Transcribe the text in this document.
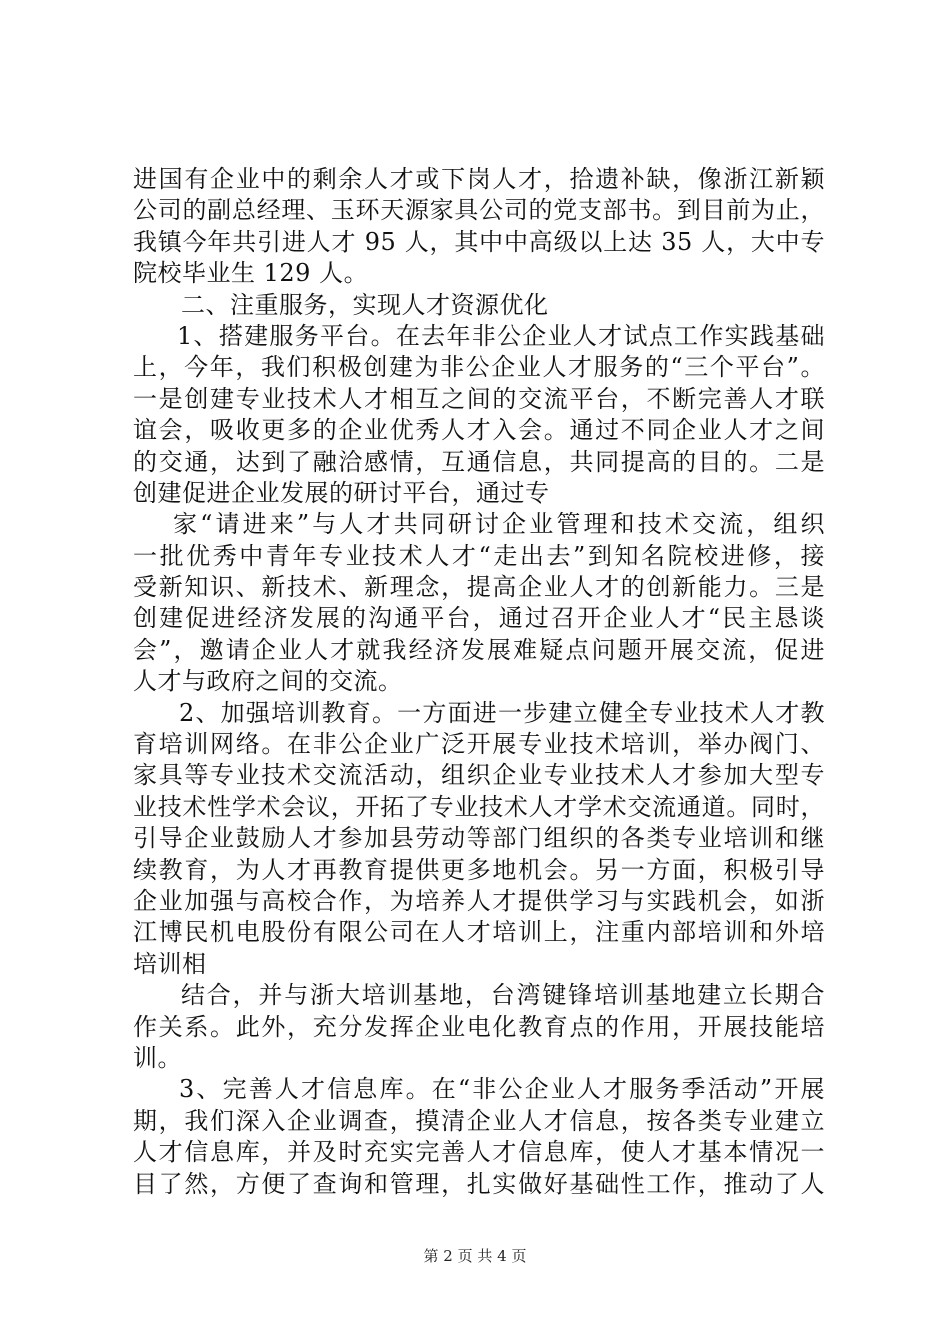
进国有企业中的剩余人才或下岗人才，拾遗补缺，像浙江新颖
公司的副总经理、玉环天源家具公司的党支部书。到目前为止，
我镇今年共引进人才 95 人，其中中高级以上达 35 人，大中专
院校毕业生 129 人。
二、注重服务，实现人才资源优化
1、搭建服务平台。在去年非公企业人才试点工作实践基础
上，今年，我们积极创建为非公企业人才服务的“三个平台”。
一是创建专业技术人才相互之间的交流平台，不断完善人才联
谊会，吸收更多的企业优秀人才入会。通过不同企业人才之间
的交通，达到了融洽感情，互通信息，共同提高的目的。二是
创建促进企业发展的研讨平台，通过专
家“请进来”与人才共同研讨企业管理和技术交流，组织
一批优秀中青年专业技术人才“走出去”到知名院校进修，接
受新知识、新技术、新理念，提高企业人才的创新能力。三是
创建促进经济发展的沟通平台，通过召开企业人才“民主恳谈
会”，邀请企业人才就我经济发展难疑点问题开展交流，促进
人才与政府之间的交流。
2、加强培训教育。一方面进一步建立健全专业技术人才教
育培训网络。在非公企业广泛开展专业技术培训，举办阀门、
家具等专业技术交流活动，组织企业专业技术人才参加大型专
业技术性学术会议，开拓了专业技术人才学术交流通道。同时，
引导企业鼓励人才参加县劳动等部门组织的各类专业培训和继
续教育，为人才再教育提供更多地机会。另一方面，积极引导
企业加强与高校合作，为培养人才提供学习与实践机会，如浙
江博民机电股份有限公司在人才培训上，注重内部培训和外培
培训相
结合，并与浙大培训基地，台湾键锋培训基地建立长期合
作关系。此外，充分发挥企业电化教育点的作用，开展技能培
训。
3、完善人才信息库。在“非公企业人才服务季活动”开展
期，我们深入企业调查，摸清企业人才信息，按各类专业建立
人才信息库，并及时充实完善人才信息库，使人才基本情况一
目了然，方便了查询和管理，扎实做好基础性工作，推动了人
第 2 页 共 4 页
